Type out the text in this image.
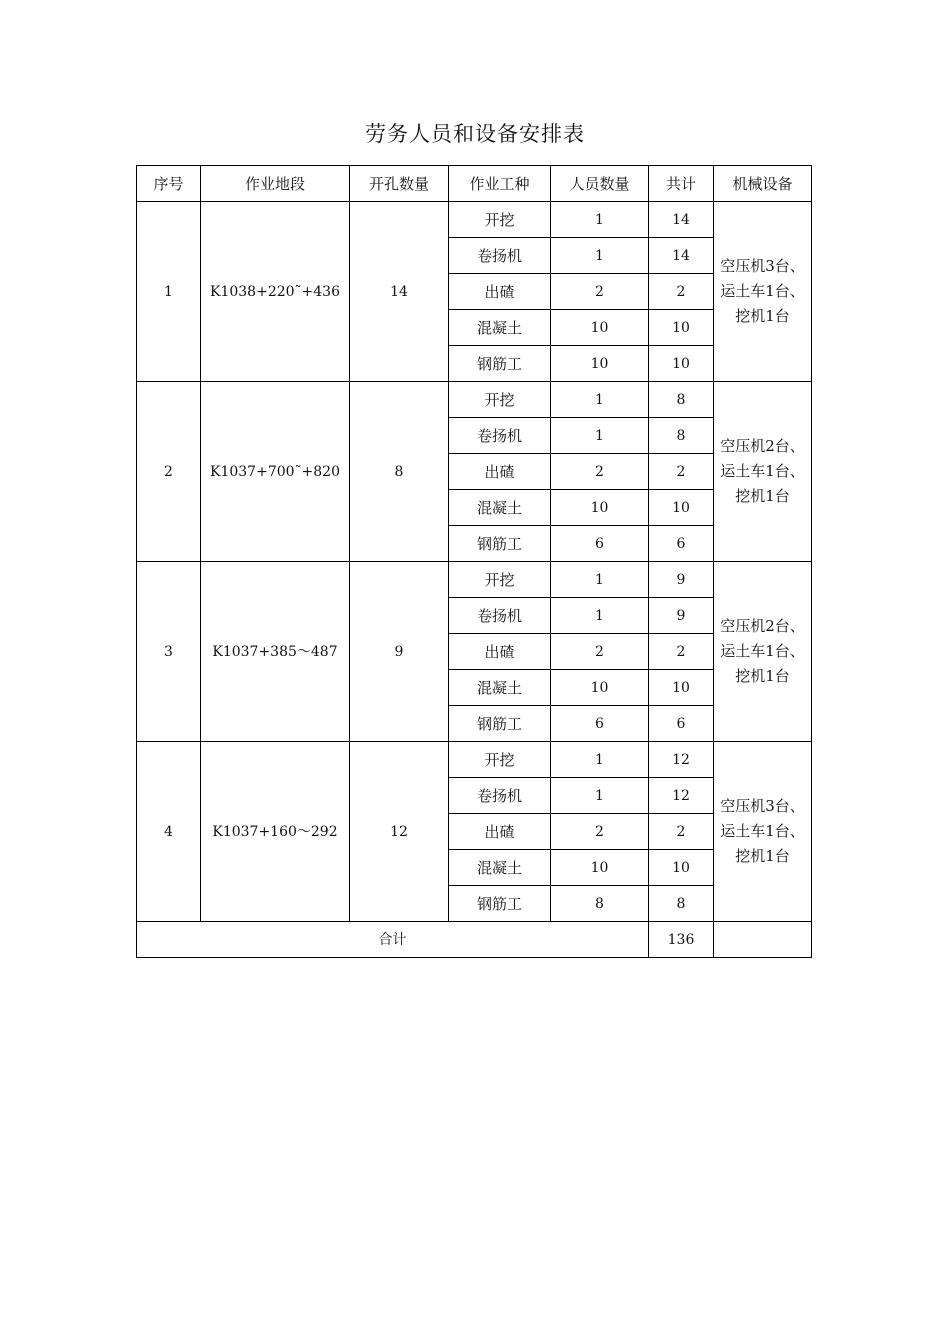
劳务人员和设备安排表
序号	作业地段	开孔数量	作业工种	人员数量	共计	机械设备
1	K1038+220˜+436	14	开挖	1	14	空压机3台、运土车1台、挖机1台
			卷扬机	1	14	
			出碴	2	2	
			混凝土	10	10	
			钢筋工	10	10	
2	K1037+700˜+820	8	开挖	1	8	空压机2台、运土车1台、挖机1台
			卷扬机	1	8	
			出碴	2	2	
			混凝土	10	10	
			钢筋工	6	6	
3	K1037+385～487	9	开挖	1	9	空压机2台、运土车1台、挖机1台
			卷扬机	1	9	
			出碴	2	2	
			混凝土	10	10	
			钢筋工	6	6	
4	K1037+160～292	12	开挖	1	12	空压机3台、运土车1台、挖机1台
			卷扬机	1	12	
			出碴	2	2	
			混凝土	10	10	
			钢筋工	8	8	
合计					136	
